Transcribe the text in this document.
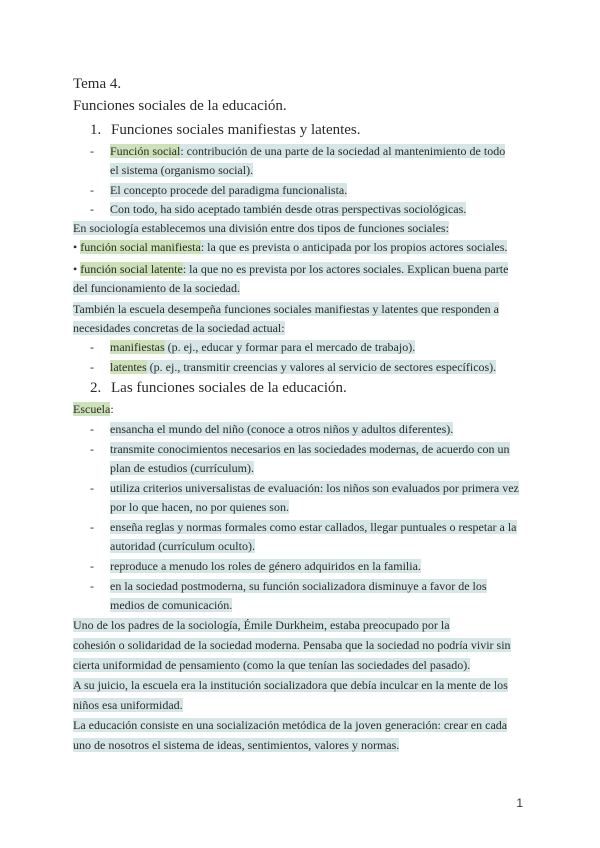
Tema 4.
Funciones sociales de la educación.
1. Funciones sociales manifiestas y latentes.
- Función social: contribución de una parte de la sociedad al mantenimiento de todo
el sistema (organismo social).
- El concepto procede del paradigma funcionalista.
- Con todo, ha sido aceptado también desde otras perspectivas sociológicas.
En sociología establecemos una división entre dos tipos de funciones sociales:
• función social manifiesta: la que es prevista o anticipada por los propios actores sociales.
• función social latente: la que no es prevista por los actores sociales. Explican buena parte
del funcionamiento de la sociedad.
También la escuela desempeña funciones sociales manifiestas y latentes que responden a
necesidades concretas de la sociedad actual:
- manifiestas (p. ej., educar y formar para el mercado de trabajo).
- latentes (p. ej., transmitir creencias y valores al servicio de sectores específicos).
2. Las funciones sociales de la educación.
Escuela:
- ensancha el mundo del niño (conoce a otros niños y adultos diferentes).
- transmite conocimientos necesarios en las sociedades modernas, de acuerdo con un
plan de estudios (currículum).
- utiliza criterios universalistas de evaluación: los niños son evaluados por primera vez
por lo que hacen, no por quienes son.
- enseña reglas y normas formales como estar callados, llegar puntuales o respetar a la
autoridad (currículum oculto).
- reproduce a menudo los roles de género adquiridos en la familia.
- en la sociedad postmoderna, su función socializadora disminuye a favor de los
medios de comunicación.
Uno de los padres de la sociología, Émile Durkheim, estaba preocupado por la
cohesión o solidaridad de la sociedad moderna. Pensaba que la sociedad no podría vivir sin
cierta uniformidad de pensamiento (como la que tenían las sociedades del pasado).
A su juicio, la escuela era la institución socializadora que debía inculcar en la mente de los
niños esa uniformidad.
La educación consiste en una socialización metódica de la joven generación: crear en cada
uno de nosotros el sistema de ideas, sentimientos, valores y normas.
1
